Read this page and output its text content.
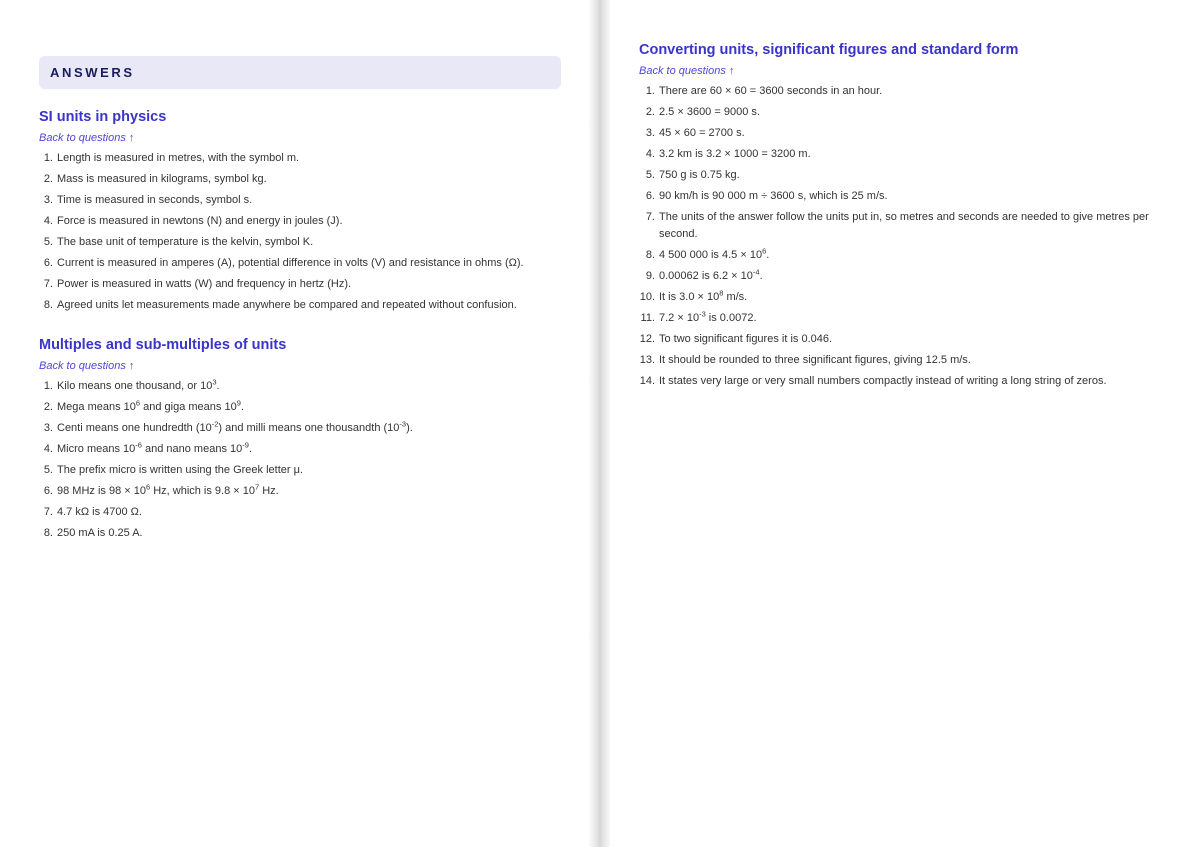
ANSWERS
SI units in physics
Back to questions ↑
1. Length is measured in metres, with the symbol m.
2. Mass is measured in kilograms, symbol kg.
3. Time is measured in seconds, symbol s.
4. Force is measured in newtons (N) and energy in joules (J).
5. The base unit of temperature is the kelvin, symbol K.
6. Current is measured in amperes (A), potential difference in volts (V) and resistance in ohms (Ω).
7. Power is measured in watts (W) and frequency in hertz (Hz).
8. Agreed units let measurements made anywhere be compared and repeated without confusion.
Multiples and sub-multiples of units
Back to questions ↑
1. Kilo means one thousand, or $10^3$.
2. Mega means $10^6$ and giga means $10^9$.
3. Centi means one hundredth $(10^{-2})$ and milli means one thousandth $(10^{-3})$.
4. Micro means $10^{-6}$ and nano means $10^{-9}$.
5. The prefix micro is written using the Greek letter μ.
6. 98 MHz is $98 \times 10^6$ Hz, which is $9.8 \times 10^7$ Hz.
7. 4.7 kΩ is 4700 Ω.
8. 250 mA is 0.25 A.
Converting units, significant figures and standard form
Back to questions ↑
1. There are 60 × 60 = 3600 seconds in an hour.
2. 2.5 × 3600 = 9000 s.
3. 45 × 60 = 2700 s.
4. 3.2 km is 3.2 × 1000 = 3200 m.
5. 750 g is 0.75 kg.
6. 90 km/h is 90 000 m ÷ 3600 s, which is 25 m/s.
7. The units of the answer follow the units put in, so metres and seconds are needed to give metres per second.
8. 4 500 000 is $4.5 \times 10^6$.
9. 0.00062 is $6.2 \times 10^{-4}$.
10. It is $3.0 \times 10^8$ m/s.
11. $7.2 \times 10^{-3}$ is 0.0072.
12. To two significant figures it is 0.046.
13. It should be rounded to three significant figures, giving 12.5 m/s.
14. It states very large or very small numbers compactly instead of writing a long string of zeros.
